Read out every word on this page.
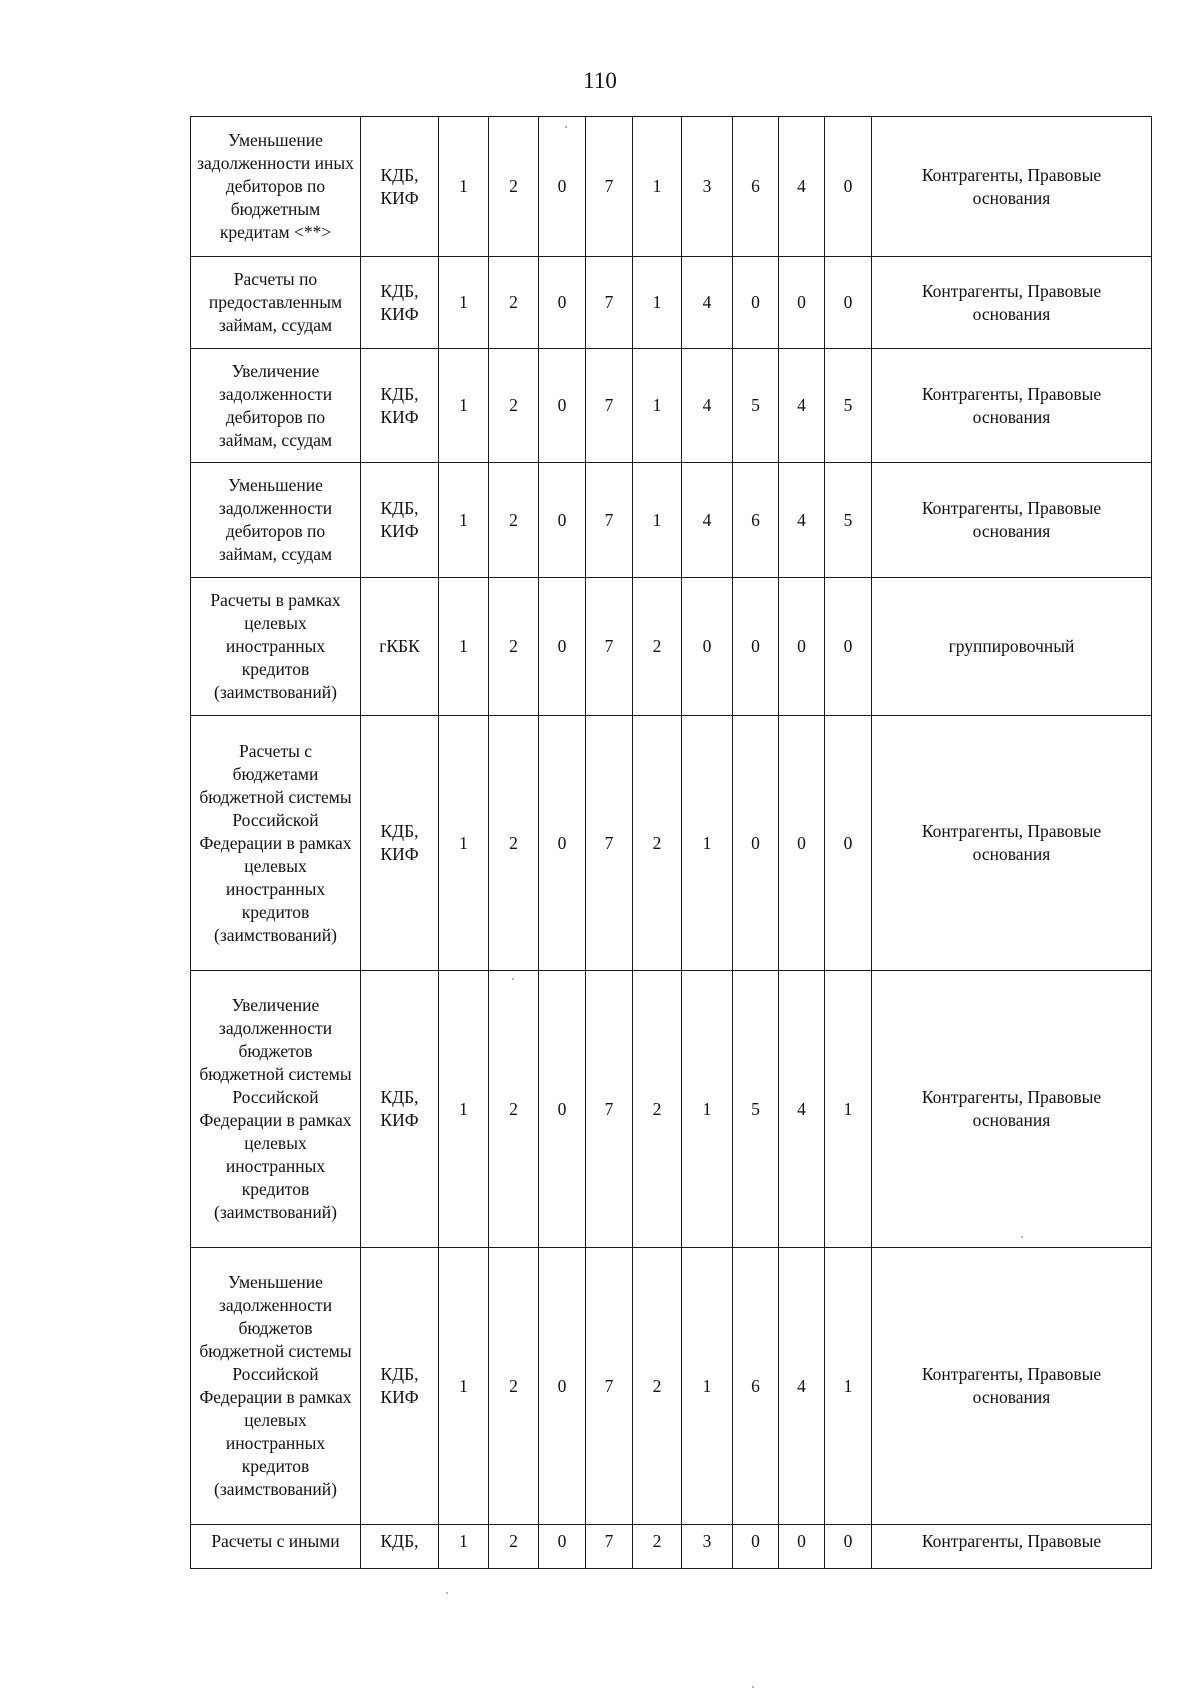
110
Уменьшение задолженности иных дебиторов по бюджетным кредитам <**>	КДБ, КИФ	1	2	0	7	1	3	6	4	0	Контрагенты, Правовые основания
Расчеты по предоставленным займам, ссудам	КДБ, КИФ	1	2	0	7	1	4	0	0	0	Контрагенты, Правовые основания
Увеличение задолженности дебиторов по займам, ссудам	КДБ, КИФ	1	2	0	7	1	4	5	4	5	Контрагенты, Правовые основания
Уменьшение задолженности дебиторов по займам, ссудам	КДБ, КИФ	1	2	0	7	1	4	6	4	5	Контрагенты, Правовые основания
Расчеты в рамках целевых иностранных кредитов (заимствований)	гКБК	1	2	0	7	2	0	0	0	0	группировочный
Расчеты с бюджетами бюджетной системы Российской Федерации в рамках целевых иностранных кредитов (заимствований)	КДБ, КИФ	1	2	0	7	2	1	0	0	0	Контрагенты, Правовые основания
Увеличение задолженности бюджетов бюджетной системы Российской Федерации в рамках целевых иностранных кредитов (заимствований)	КДБ, КИФ	1	2	0	7	2	1	5	4	1	Контрагенты, Правовые основания
Уменьшение задолженности бюджетов бюджетной системы Российской Федерации в рамках целевых иностранных кредитов (заимствований)	КДБ, КИФ	1	2	0	7	2	1	6	4	1	Контрагенты, Правовые основания
Расчеты с иными	КДБ,	1	2	0	7	2	3	0	0	0	Контрагенты, Правовые
